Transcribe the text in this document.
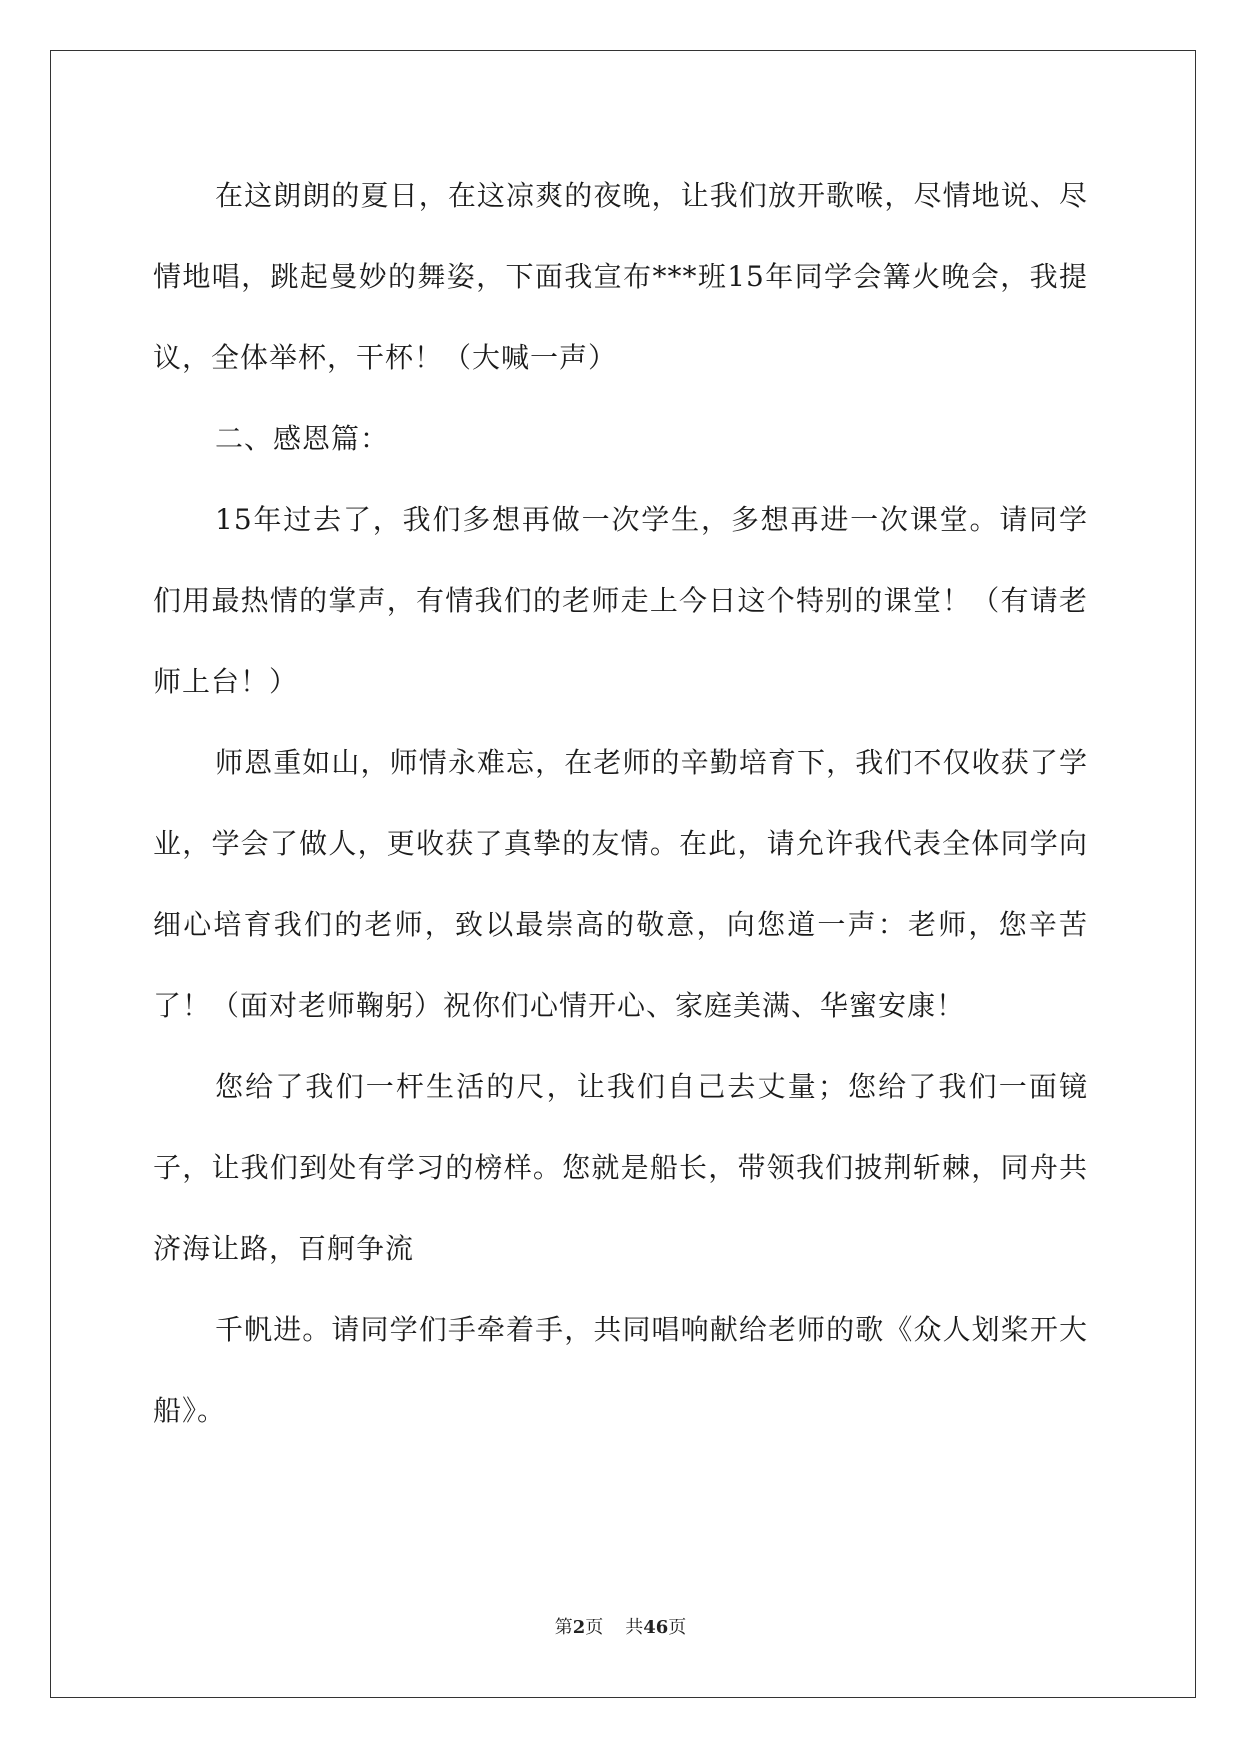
在这朗朗的夏日，在这凉爽的夜晚，让我们放开歌喉，尽情地说、尽情地唱，跳起曼妙的舞姿，下面我宣布***班15年同学会篝火晚会，我提议，全体举杯，干杯！（大喊一声）

二、感恩篇：

15年过去了，我们多想再做一次学生，多想再进一次课堂。请同学们用最热情的掌声，有情我们的老师走上今日这个特别的课堂！（有请老师上台！）

师恩重如山，师情永难忘，在老师的辛勤培育下，我们不仅收获了学业，学会了做人，更收获了真挚的友情。在此，请允许我代表全体同学向细心培育我们的老师，致以最崇高的敬意，向您道一声：老师，您辛苦了！（面对老师鞠躬）祝你们心情开心、家庭美满、华蜜安康！

您给了我们一杆生活的尺，让我们自己去丈量；您给了我们一面镜子，让我们到处有学习的榜样。您就是船长，带领我们披荆斩棘，同舟共济海让路，百舸争流

千帆进。请同学们手牵着手，共同唱响献给老师的歌《众人划桨开大船》。

第2页 共46页
